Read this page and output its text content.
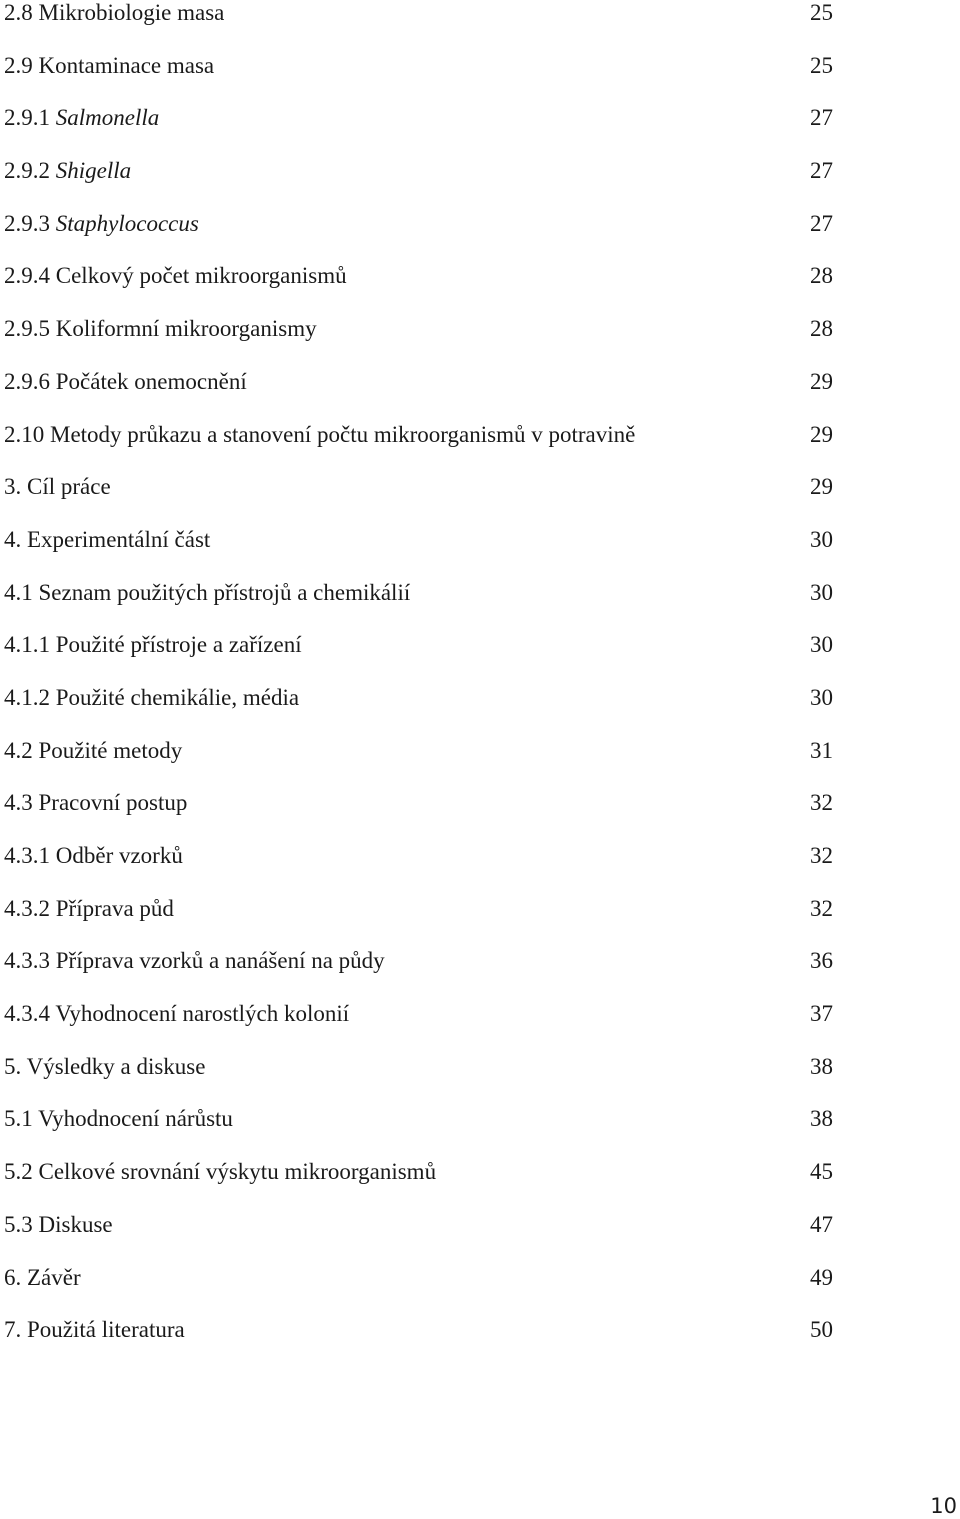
2.8 Mikrobiologie masa	25
2.9 Kontaminace masa	25
2.9.1 Salmonella	27
2.9.2 Shigella	27
2.9.3 Staphylococcus	27
2.9.4 Celkový počet mikroorganismů	28
2.9.5 Koliformní mikroorganismy	28
2.9.6 Počátek onemocnění	29
2.10 Metody průkazu a stanovení počtu mikroorganismů v potravině	29
3. Cíl práce	29
4. Experimentální část	30
4.1 Seznam použitých přístrojů a chemikálií	30
4.1.1 Použité přístroje a zařízení	30
4.1.2 Použité chemikálie, média	30
4.2 Použité metody	31
4.3 Pracovní postup	32
4.3.1 Odběr vzorků	32
4.3.2 Příprava půd	32
4.3.3 Příprava vzorků a nanášení na půdy	36
4.3.4 Vyhodnocení narostlých kolonií	37
5. Výsledky a diskuse	38
5.1 Vyhodnocení nárůstu	38
5.2 Celkové srovnání výskytu mikroorganismů	45
5.3 Diskuse	47
6. Závěr	49
7. Použitá literatura	50
10
